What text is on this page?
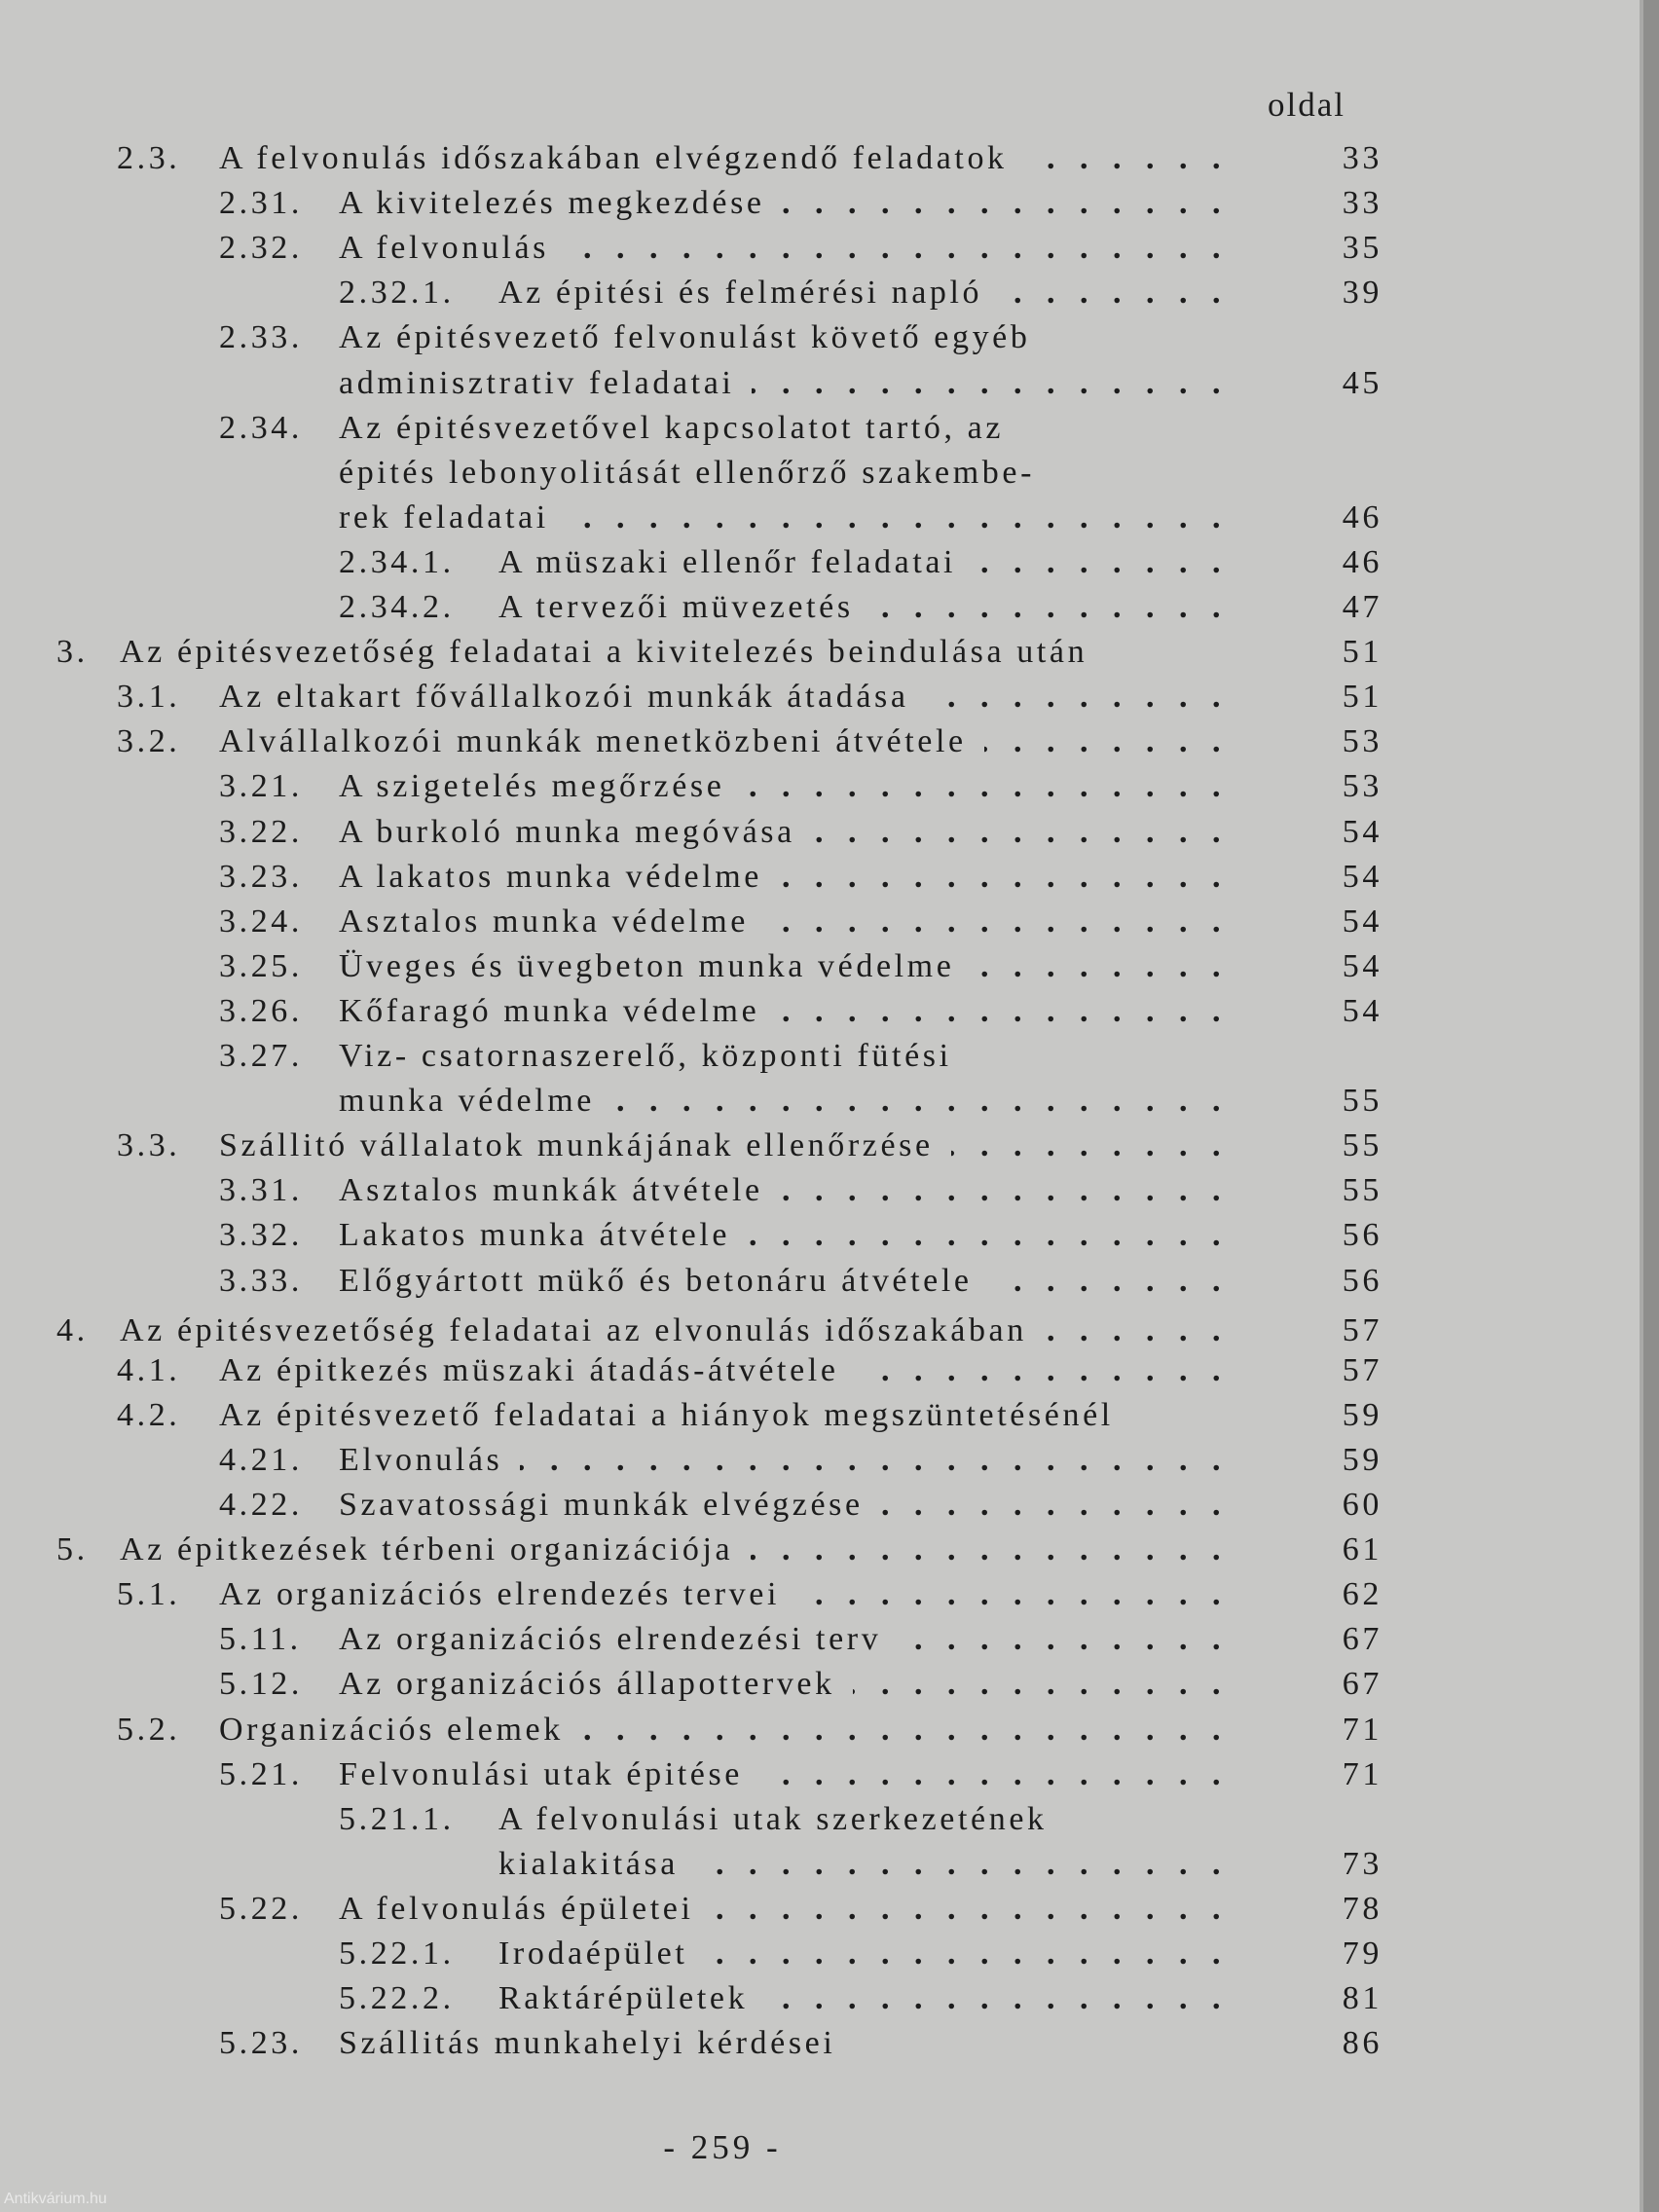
oldal
2.3. A felvonulás időszakában elvégzendő feladatok . . .	33
2.31. A kivitelezés megkezdése . . .	33
2.32. A felvonulás . . .	35
2.32.1. Az épitési és felmérési napló . . .	39
2.33. Az épitésvezető felvonulást követő egyéb
adminisztrativ feladatai . . .	45
2.34. Az épitésvezetővel kapcsolatot tartó, az
épités lebonyolitását ellenőrző szakembe-
rek feladatai . . .	46
2.34.1. A müszaki ellenőr feladatai . . .	46
2.34.2. A tervezői müvezetés . . .	47
3. Az épitésvezetőség feladatai a kivitelezés beindulása után	51
3.1. Az eltakart fővállalkozói munkák átadása . . .	51
3.2. Alvállalkozói munkák menetközbeni átvétele . . .	53
3.21. A szigetelés megőrzése . . .	53
3.22. A burkoló munka megóvása . . .	54
3.23. A lakatos munka védelme . . .	54
3.24. Asztalos munka védelme . . .	54
3.25. Üveges és üvegbeton munka védelme . . .	54
3.26. Kőfaragó munka védelme . . .	54
3.27. Viz- csatornaszerelő, központi fütési
munka védelme . . .	55
3.3. Szállitó vállalatok munkájának ellenőrzése . . .	55
3.31. Asztalos munkák átvétele . . .	55
3.32. Lakatos munka átvétele . . .	56
3.33. Előgyártott mükő és betonáru átvétele . . .	56
4. Az épitésvezetőség feladatai az elvonulás időszakában . . .	57
4.1. Az épitkezés müszaki átadás-átvétele . . .	57
4.2. Az épitésvezető feladatai a hiányok megszüntetésénél	59
4.21. Elvonulás . . .	59
4.22. Szavatossági munkák elvégzése . . .	60
5. Az épitkezések térbeni organizációja . . .	61
5.1. Az organizációs elrendezés tervei . . .	62
5.11. Az organizációs elrendezési terv . . .	67
5.12. Az organizációs állapottervek . . .	67
5.2. Organizációs elemek . . .	71
5.21. Felvonulási utak épitése . . .	71
5.21.1. A felvonulási utak szerkezetének
kialakitása . . .	73
5.22. A felvonulás épületei . . .	78
5.22.1. Irodaépület . . .	79
5.22.2. Raktárépületek . . .	81
5.23. Szállitás munkahelyi kérdései	86
- 259 -
Antikvárium.hu
